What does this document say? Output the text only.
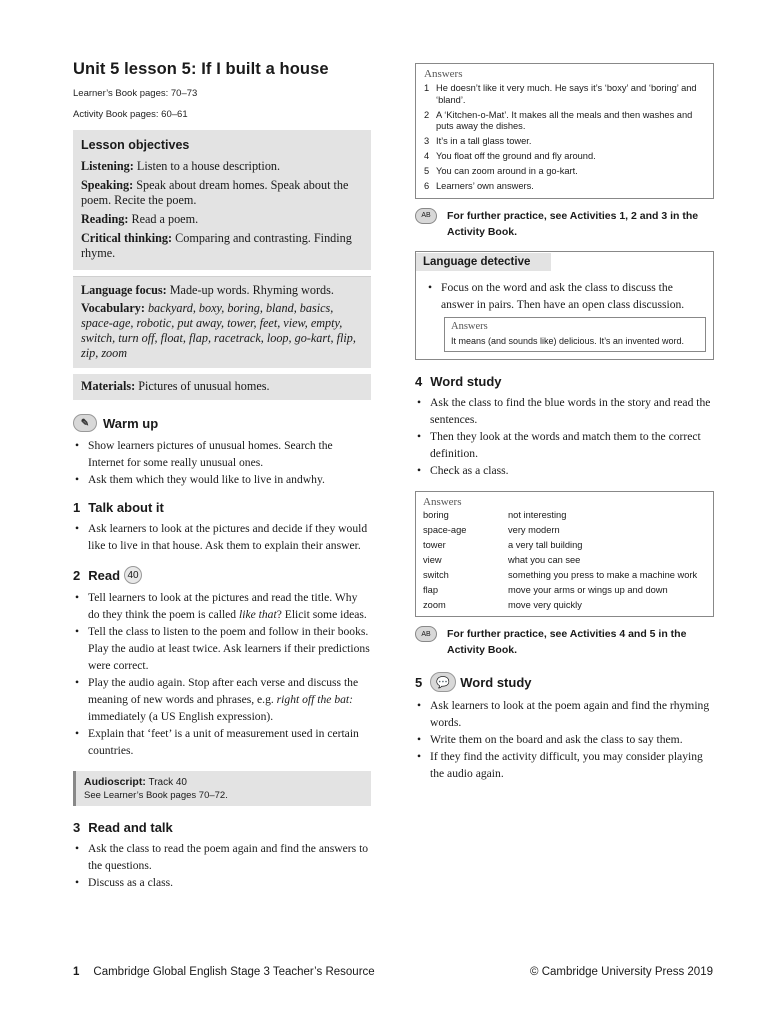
Unit 5 lesson 5: If I built a house
Learner’s Book pages: 70–73
Activity Book pages: 60–61
Lesson objectives

Listening: Listen to a house description.

Speaking: Speak about dream homes. Speak about the poem. Recite the poem.

Reading: Read a poem.

Critical thinking: Comparing and contrasting. Finding rhyme.

Language focus: Made-up words. Rhyming words.

Vocabulary: backyard, boxy, boring, bland, basics, space-age, robotic, put away, tower, feet, view, empty, switch, turn off, float, flap, racetrack, loop, go-kart, flip, zip, zoom

Materials: Pictures of unusual homes.

✎	Warm up
• Show learners pictures of unusual homes. Search the Internet for some really unusual ones.
• Ask them which they would like to live in andwhy.
1 Talk about it
• Ask learners to look at the pictures and decide if they would like to live in that house. Ask them to explain their answer.
2 Read 40
• Tell learners to look at the pictures and read the title. Why do they think the poem is called like that? Elicit some ideas.
• Tell the class to listen to the poem and follow in their books. Play the audio at least twice. Ask learners if their predictions were correct.
• Play the audio again. Stop after each verse and discuss the meaning of new words and phrases, e.g. right off the bat: immediately (a US English expression).
• Explain that ‘feet’ is a unit of measurement used in certain countries.
Audioscript: Track 40
See Learner’s Book pages 70–72.
3 Read and talk
• Ask the class to read the poem again and find the answers to the questions.
• Discuss as a class.
Answers
1 He doesn’t like it very much. He says it’s ‘boxy’ and ‘boring’ and ‘bland’.
2 A ‘Kitchen-o-Mat’. It makes all the meals and then washes and puts away the dishes.
3 It’s in a tall glass tower.
4 You float off the ground and fly around.
5 You can zoom around in a go-kart.
6 Learners’ own answers.
AB	For further practice, see Activities 1, 2 and 3 in the Activity Book.
Language detective
• Focus on the word and ask the class to discuss the answer in pairs. Then have an open class discussion.
Answers
It means (and sounds like) delicious. It’s an invented word.
4 Word study
• Ask the class to find the blue words in the story and read the sentences.
• Then they look at the words and match them to the correct definition.
• Check as a class.
Answers
boring	not interesting
space-age	very modern
tower	a very tall building
view	what you can see
switch	something you press to make a machine work
flap	move your arms or wings up and down
zoom	move very quickly
AB	For further practice, see Activities 4 and 5 in the Activity Book.
5	💬 Word study
• Ask learners to look at the poem again and find the rhyming words.
• Write them on the board and ask the class to say them.
• If they find the activity difficult, you may consider playing the audio again.
1 Cambridge Global English Stage 3 Teacher’s Resource	© Cambridge University Press 2019
